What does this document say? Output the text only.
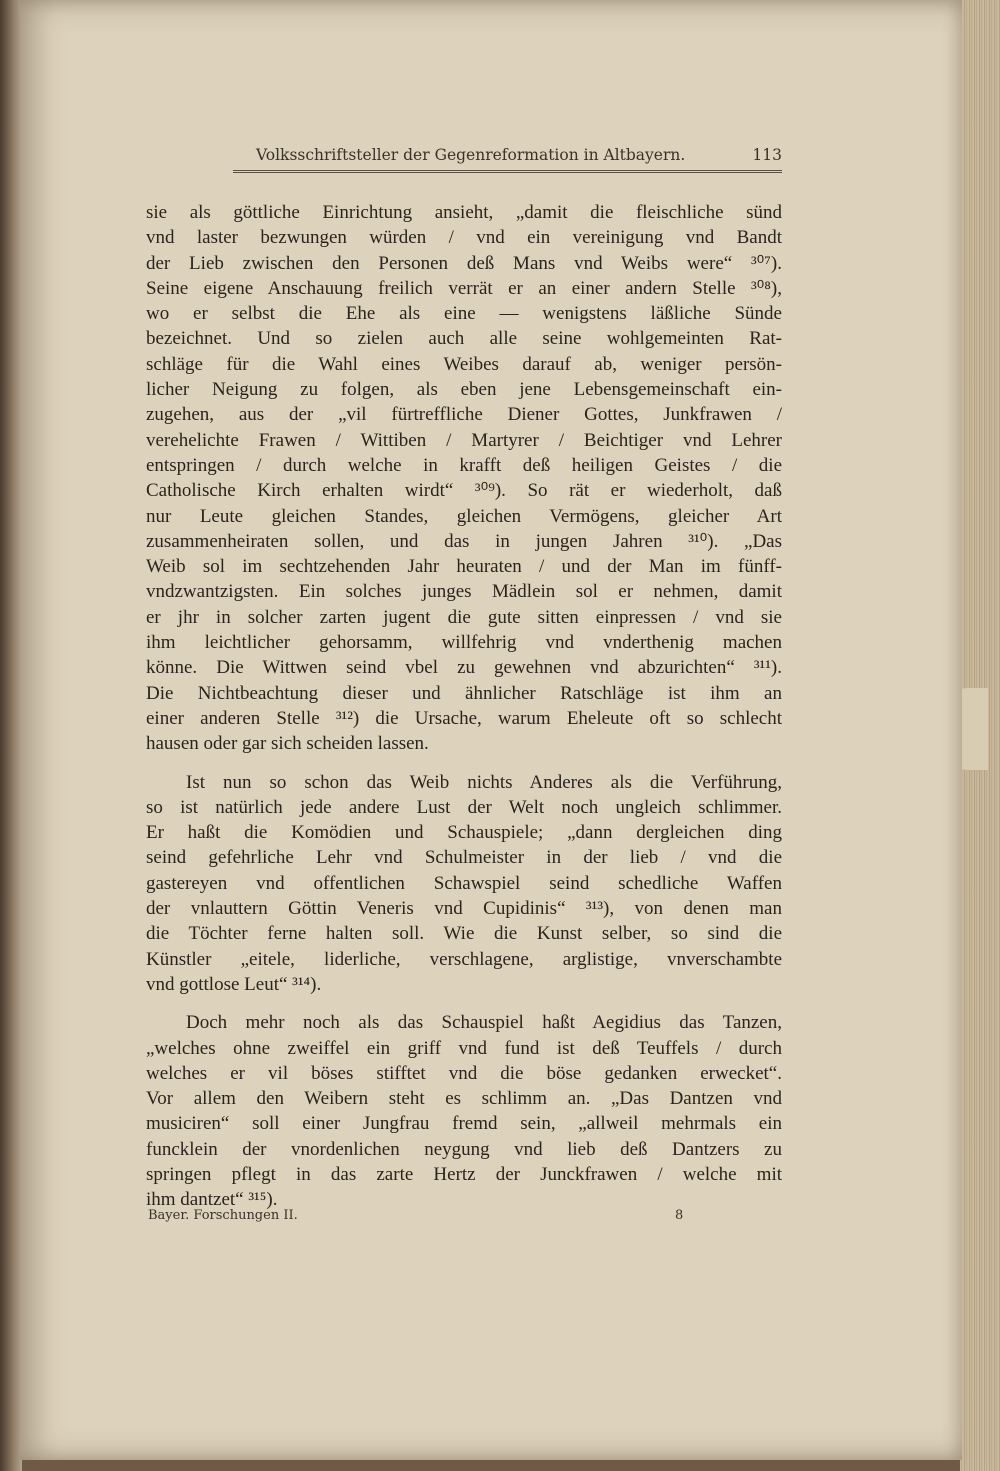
Volksschriftsteller der Gegenreformation in Altbayern.	113
sie als göttliche Einrichtung ansieht, „damit die fleischliche sünd
vnd laster bezwungen würden / vnd ein vereinigung vnd Bandt
der Lieb zwischen den Personen deß Mans vnd Weibs were“ ³⁰⁷).
Seine eigene Anschauung freilich verrät er an einer andern Stelle ³⁰⁸),
wo er selbst die Ehe als eine — wenigstens läßliche Sünde
bezeichnet. Und so zielen auch alle seine wohlgemeinten Rat-
schläge für die Wahl eines Weibes darauf ab, weniger persön-
licher Neigung zu folgen, als eben jene Lebensgemeinschaft ein-
zugehen, aus der „vil fürtreffliche Diener Gottes, Junkfrawen /
verehelichte Frawen / Wittiben / Martyrer / Beichtiger vnd Lehrer
entspringen / durch welche in krafft deß heiligen Geistes / die
Catholische Kirch erhalten wirdt“ ³⁰⁹). So rät er wiederholt, daß
nur Leute gleichen Standes, gleichen Vermögens, gleicher Art
zusammenheiraten sollen, und das in jungen Jahren ³¹⁰). „Das
Weib sol im sechtzehenden Jahr heuraten / und der Man im fünff-
vndzwantzigsten. Ein solches junges Mädlein sol er nehmen, damit
er jhr in solcher zarten jugent die gute sitten einpressen / vnd sie
ihm leichtlicher gehorsamm, willfehrig vnd vnderthenig machen
könne. Die Wittwen seind vbel zu gewehnen vnd abzurichten“ ³¹¹).
Die Nichtbeachtung dieser und ähnlicher Ratschläge ist ihm an
einer anderen Stelle ³¹²) die Ursache, warum Eheleute oft so schlecht
hausen oder gar sich scheiden lassen.
Ist nun so schon das Weib nichts Anderes als die Verführung,
so ist natürlich jede andere Lust der Welt noch ungleich schlimmer.
Er haßt die Komödien und Schauspiele; „dann dergleichen ding
seind gefehrliche Lehr vnd Schulmeister in der lieb / vnd die
gastereyen vnd offentlichen Schawspiel seind schedliche Waffen
der vnlauttern Göttin Veneris vnd Cupidinis“ ³¹³), von denen man
die Töchter ferne halten soll. Wie die Kunst selber, so sind die
Künstler „eitele, liderliche, verschlagene, arglistige, vnverschambte
vnd gottlose Leut“ ³¹⁴).
Doch mehr noch als das Schauspiel haßt Aegidius das Tanzen,
„welches ohne zweiffel ein griff vnd fund ist deß Teuffels / durch
welches er vil böses stifftet vnd die böse gedanken erwecket“.
Vor allem den Weibern steht es schlimm an. „Das Dantzen vnd
musiciren“ soll einer Jungfrau fremd sein, „allweil mehrmals ein
funcklein der vnordenlichen neygung vnd lieb deß Dantzers zu
springen pflegt in das zarte Hertz der Junckfrawen / welche mit
ihm dantzet“ ³¹⁵).
Bayer. Forschungen II.	8
